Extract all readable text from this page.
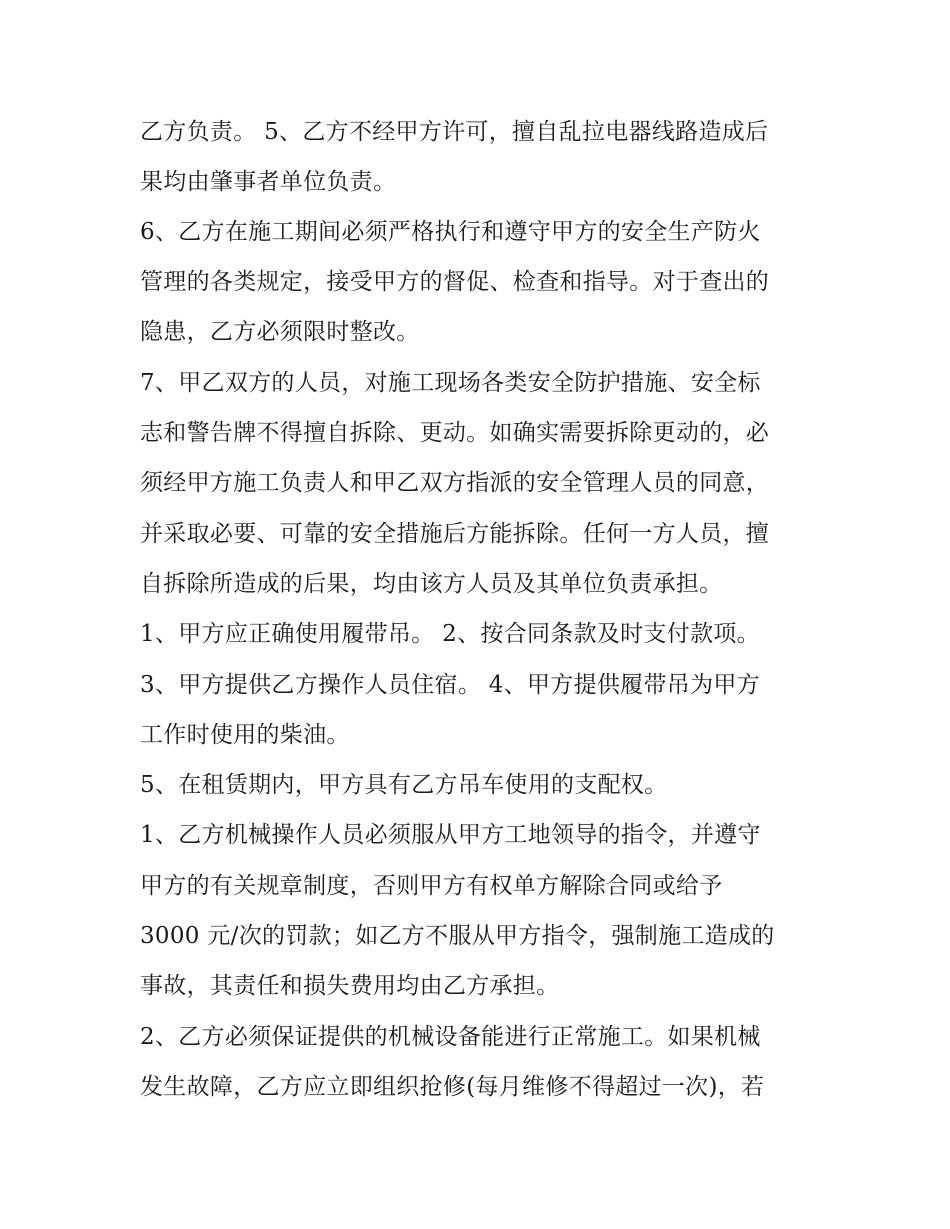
乙方负责。 5、乙方不经甲方许可，擅自乱拉电器线路造成后
果均由肇事者单位负责。
6、乙方在施工期间必须严格执行和遵守甲方的安全生产防火
管理的各类规定，接受甲方的督促、检查和指导。对于查出的
隐患，乙方必须限时整改。
7、甲乙双方的人员，对施工现场各类安全防护措施、安全标
志和警告牌不得擅自拆除、更动。如确实需要拆除更动的，必
须经甲方施工负责人和甲乙双方指派的安全管理人员的同意，
并采取必要、可靠的安全措施后方能拆除。任何一方人员，擅
自拆除所造成的后果，均由该方人员及其单位负责承担。
1、甲方应正确使用履带吊。 2、按合同条款及时支付款项。
3、甲方提供乙方操作人员住宿。 4、甲方提供履带吊为甲方
工作时使用的柴油。
5、在租赁期内，甲方具有乙方吊车使用的支配权。
1、乙方机械操作人员必须服从甲方工地领导的指令，并遵守
甲方的有关规章制度，否则甲方有权单方解除合同或给予
3000 元/次的罚款；如乙方不服从甲方指令，强制施工造成的
事故，其责任和损失费用均由乙方承担。
2、乙方必须保证提供的机械设备能进行正常施工。如果机械
发生故障，乙方应立即组织抢修(每月维修不得超过一次)，若
